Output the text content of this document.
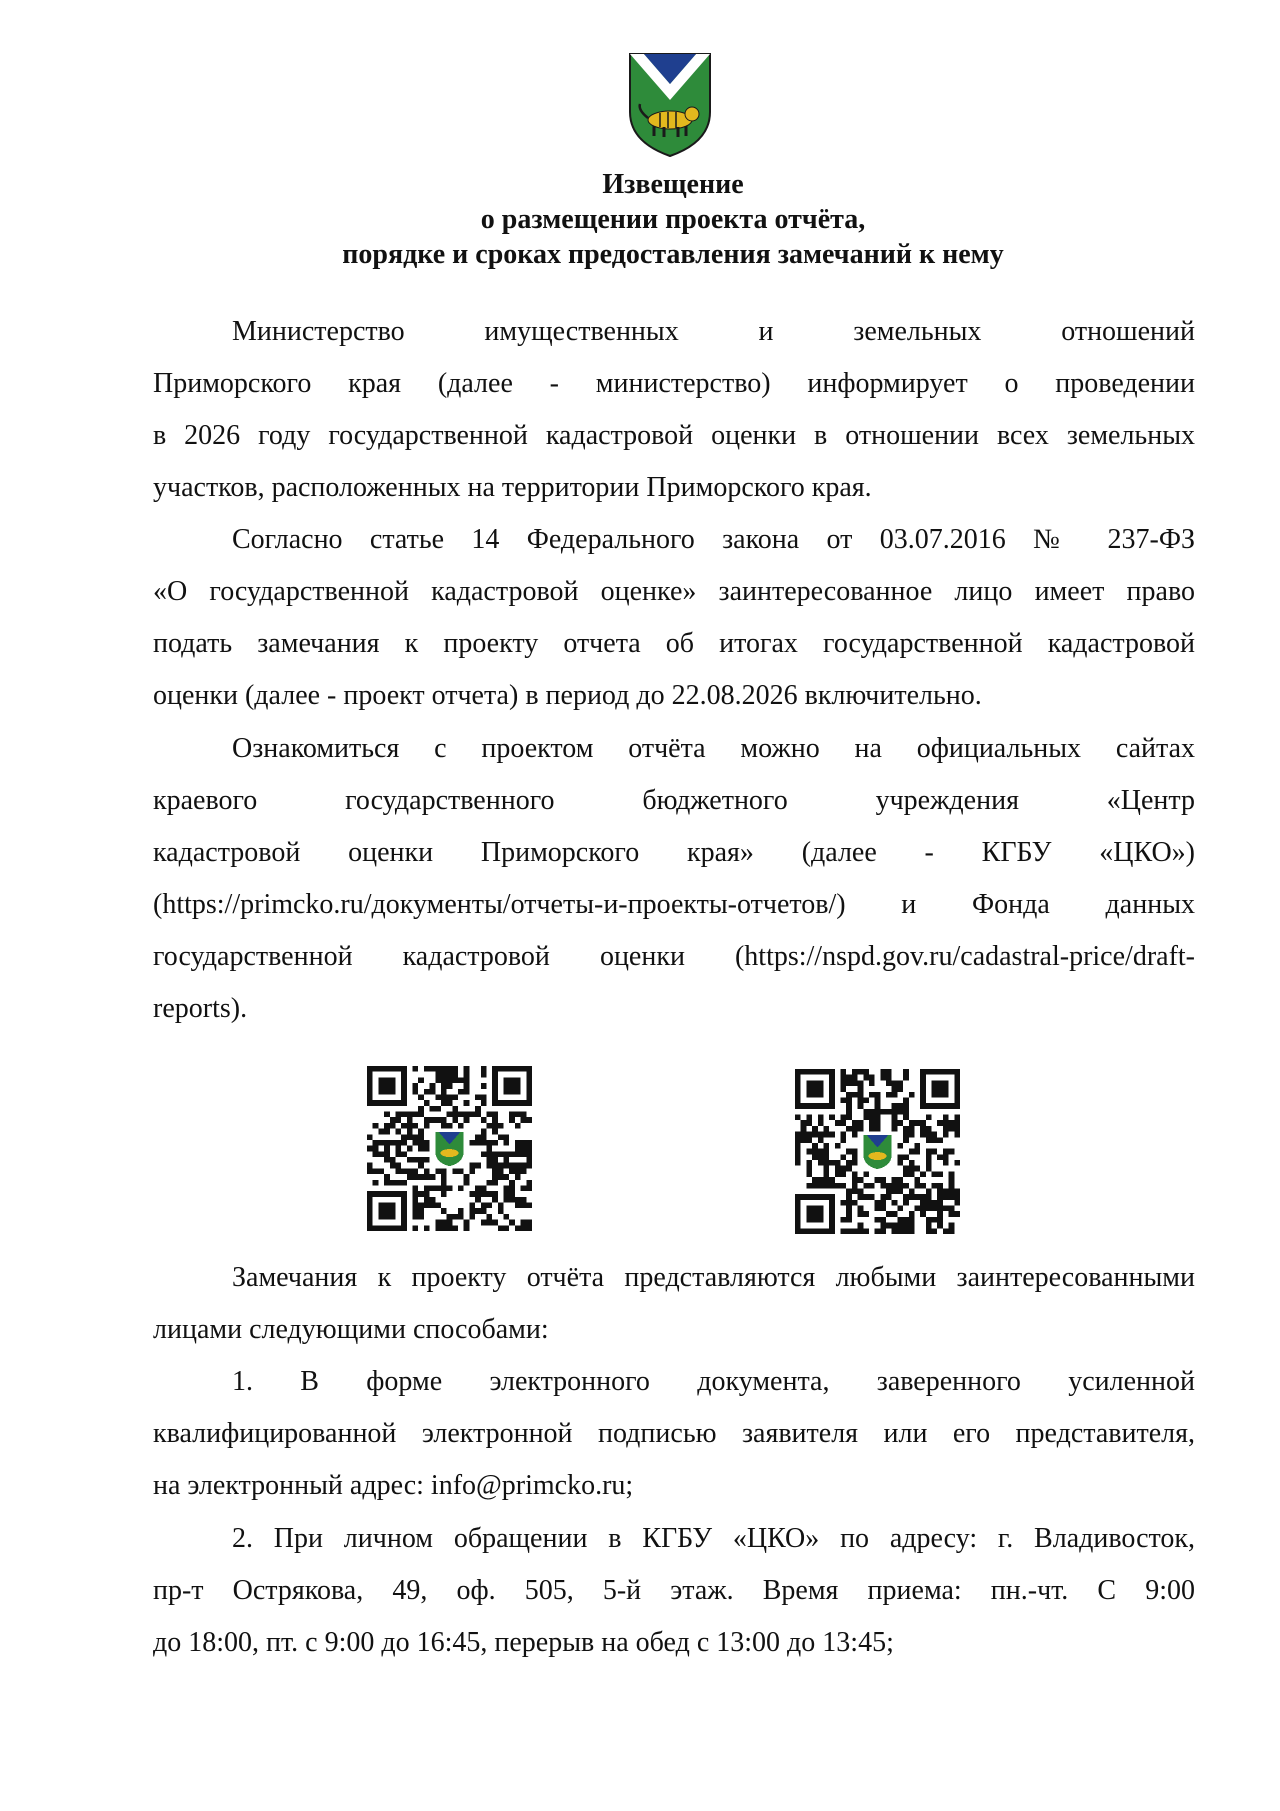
Извещение
о размещении проекта отчёта,
порядке и сроках предоставления замечаний к нему
Министерство имущественных и земельных отношений
Приморского края (далее - министерство) информирует о проведении
в 2026 году государственной кадастровой оценки в отношении всех земельных
участков, расположенных на территории Приморского края.
Согласно статье 14 Федерального закона от 03.07.2016 № 237-ФЗ
«О государственной кадастровой оценке» заинтересованное лицо имеет право
подать замечания к проекту отчета об итогах государственной кадастровой
оценки (далее - проект отчета) в период до 22.08.2026 включительно.
Ознакомиться с проектом отчёта можно на официальных сайтах
краевого государственного бюджетного учреждения «Центр
кадастровой оценки Приморского края» (далее - КГБУ «ЦКО»)
(https://primcko.ru/документы/отчеты-и-проекты-отчетов/) и Фонда данных
государственной кадастровой оценки (https://nspd.gov.ru/cadastral-price/draft-
reports).
Замечания к проекту отчёта представляются любыми заинтересованными
лицами следующими способами:
1. В форме электронного документа, заверенного усиленной
квалифицированной электронной подписью заявителя или его представителя,
на электронный адрес: info@primcko.ru;
2. При личном обращении в КГБУ «ЦКО» по адресу: г. Владивосток,
пр-т Острякова, 49, оф. 505, 5-й этаж. Время приема: пн.-чт. С 9:00
до 18:00, пт. с 9:00 до 16:45, перерыв на обед с 13:00 до 13:45;
